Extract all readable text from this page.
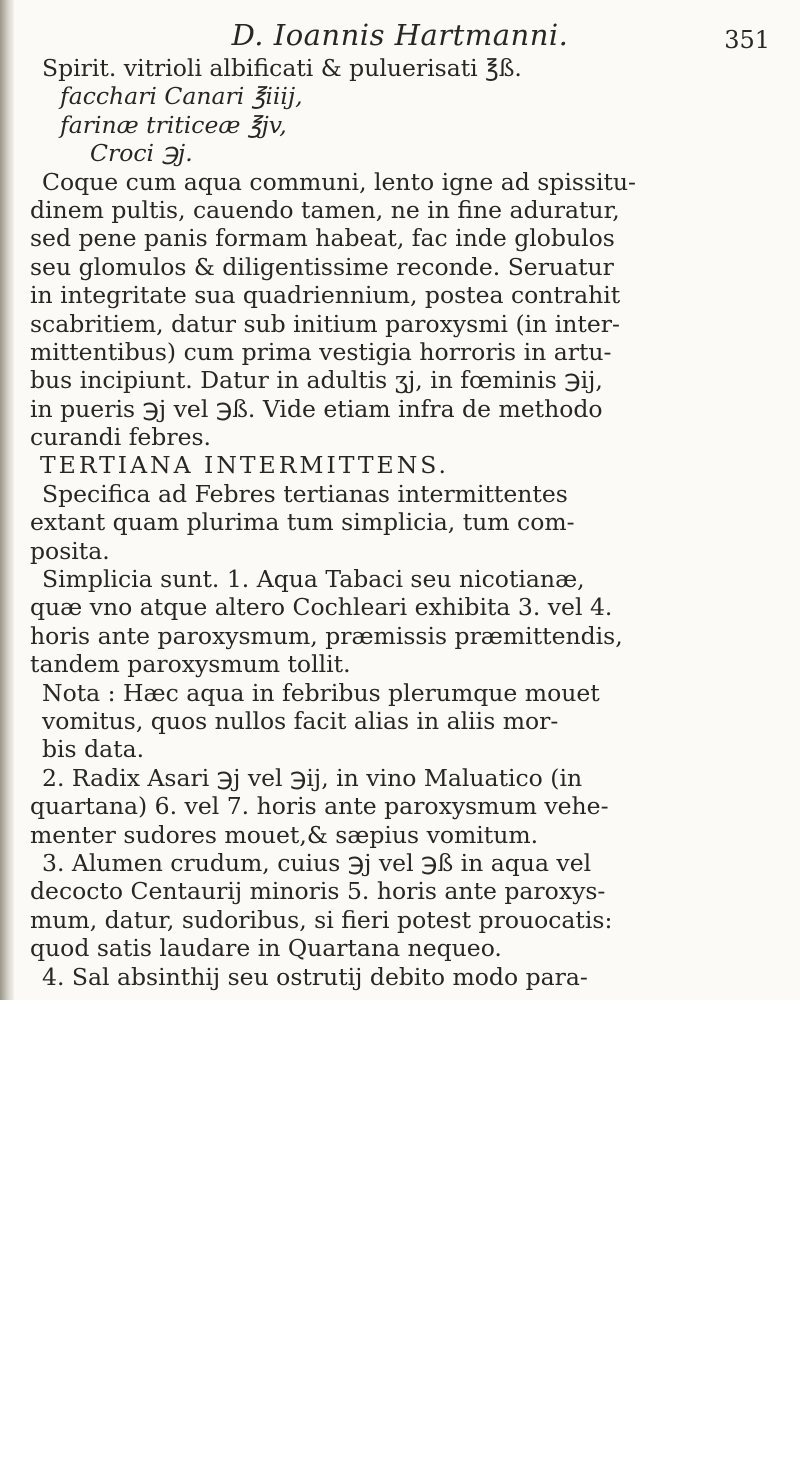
D. Ioannis Hartmanni.	351
Spirit. vitrioli albificati & puluerisati ℥ß.
facchari Canari ℥iiij,
farinæ triticeæ ℥jv,
Croci ℈j.
Coque cum aqua communi, lento igne ad spissitu-
dinem pultis, cauendo tamen, ne in fine aduratur,
sed pene panis formam habeat, fac inde globulos
seu glomulos & diligentissime reconde. Seruatur
in integritate sua quadriennium, postea contrahit
scabritiem, datur sub initium paroxysmi (in inter-
mittentibus) cum prima vestigia horroris in artu-
bus incipiunt. Datur in adultis ʒj, in fœminis ℈ij,
in pueris ℈j vel ℈ß. Vide etiam infra de methodo
curandi febres.
TERTIANA INTERMITTENS.
Specifica ad Febres tertianas intermittentes
extant quam plurima tum simplicia, tum com-
posita.
Simplicia sunt. 1. Aqua Tabaci seu nicotianæ,
quæ vno atque altero Cochleari exhibita 3. vel 4.
horis ante paroxysmum, præmissis præmittendis,
tandem paroxysmum tollit.
Nota : Hæc aqua in febribus plerumque mouet
vomitus, quos nullos facit alias in aliis mor-
bis data.
2. Radix Asari ℈j vel ℈ij, in vino Maluatico (in
quartana) 6. vel 7. horis ante paroxysmum vehe-
menter sudores mouet,& sæpius vomitum.
3. Alumen crudum, cuius ℈j vel ℈ß in aqua vel
decocto Centaurij minoris 5. horis ante paroxys-
mum, datur, sudoribus, si fieri potest prouocatis:
quod satis laudare in Quartana nequeo.
4. Sal absinthij seu ostrutij debito modo para-
